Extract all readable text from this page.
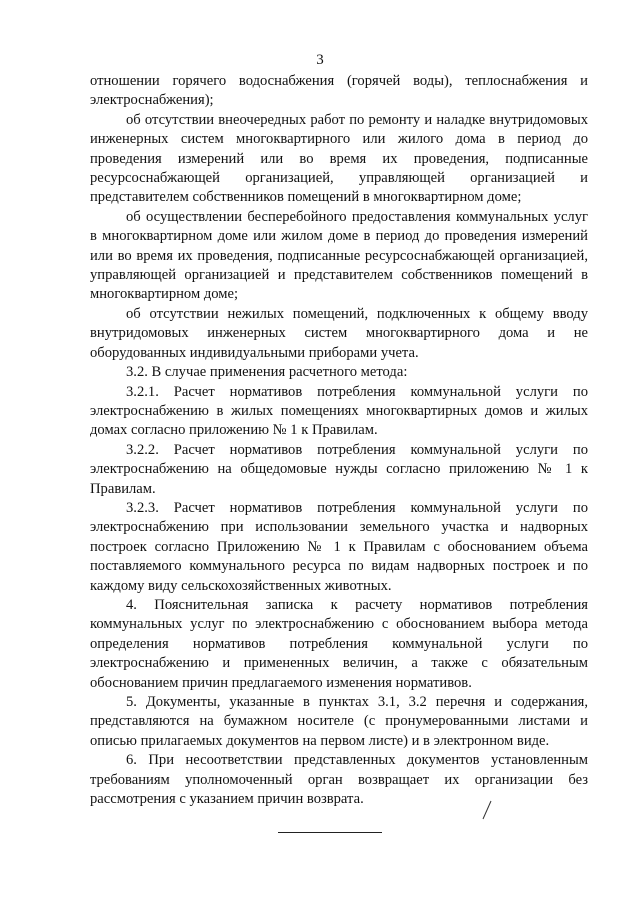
3

отношении горячего водоснабжения (горячей воды), теплоснабжения и электроснабжения);

об отсутствии внеочередных работ по ремонту и наладке внутридомовых инженерных систем многоквартирного или жилого дома в период до проведения измерений или во время их проведения, подписанные ресурсоснабжающей организацией, управляющей организацией и представителем собственников помещений в многоквартирном доме;

об осуществлении бесперебойного предоставления коммунальных услуг в многоквартирном доме или жилом доме в период до проведения измерений или во время их проведения, подписанные ресурсоснабжающей организацией, управляющей организацией и представителем собственников помещений в многоквартирном доме;

об отсутствии нежилых помещений, подключенных к общему вводу внутридомовых инженерных систем многоквартирного дома и не оборудованных индивидуальными приборами учета.

3.2. В случае применения расчетного метода:

3.2.1. Расчет нормативов потребления коммунальной услуги по электроснабжению в жилых помещениях многоквартирных домов и жилых домах согласно приложению № 1 к Правилам.

3.2.2. Расчет нормативов потребления коммунальной услуги по электроснабжению на общедомовые нужды согласно приложению № 1 к Правилам.

3.2.3. Расчет нормативов потребления коммунальной услуги по электроснабжению при использовании земельного участка и надворных построек согласно Приложению № 1 к Правилам с обоснованием объема поставляемого коммунального ресурса по видам надворных построек и по каждому виду сельскохозяйственных животных.

4. Пояснительная записка к расчету нормативов потребления коммунальных услуг по электроснабжению с обоснованием выбора метода определения нормативов потребления коммунальной услуги по электроснабжению и примененных величин, а также с обязательным обоснованием причин предлагаемого изменения нормативов.

5. Документы, указанные в пунктах 3.1, 3.2 перечня и содержания, представляются на бумажном носителе (с пронумерованными листами и описью прилагаемых документов на первом листе) и в электронном виде.

6. При несоответствии представленных документов установленным требованиям уполномоченный орган возвращает их организации без рассмотрения с указанием причин возврата.
